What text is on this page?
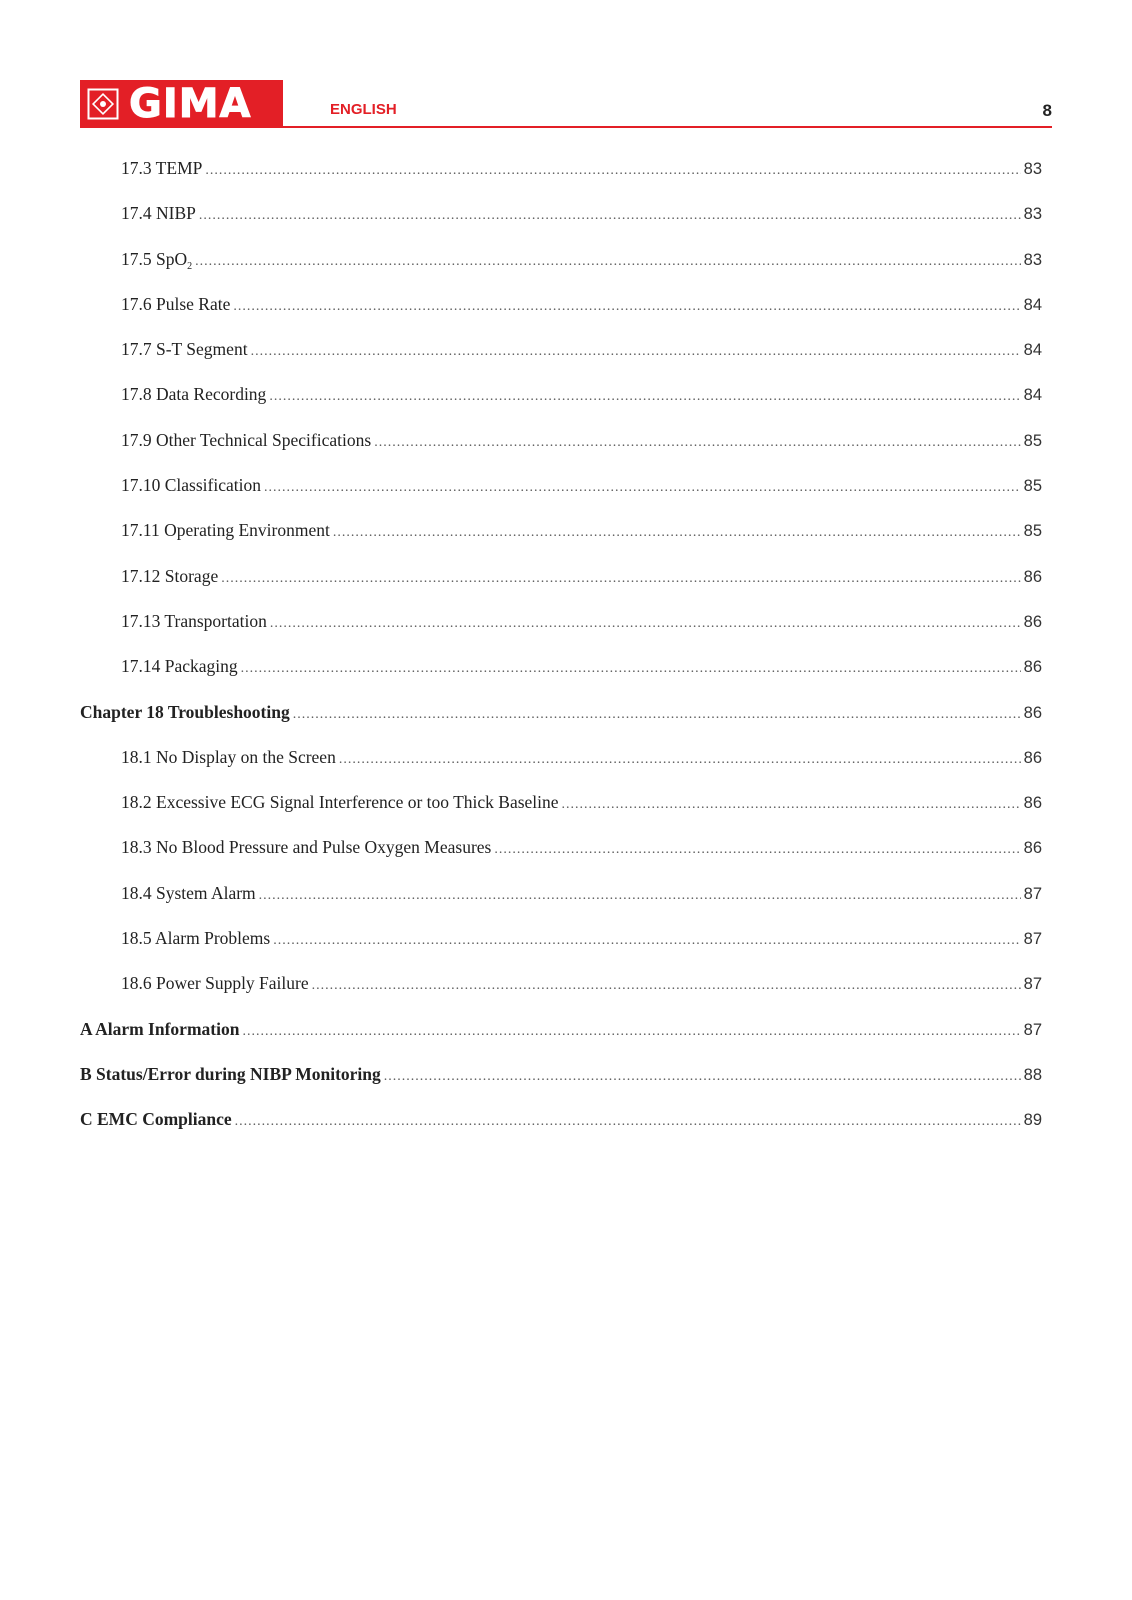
GIMA	ENGLISH	8
17.3 TEMP .....	83
17.4 NIBP .....	83
17.5 SpO$_2$ .....	83
17.6 Pulse Rate .....	84
17.7 S-T Segment .....	84
17.8 Data Recording .....	84
17.9 Other Technical Specifications .....	85
17.10 Classification .....	85
17.11 Operating Environment .....	85
17.12 Storage .....	86
17.13 Transportation .....	86
17.14 Packaging .....	86
Chapter 18 Troubleshooting .....	86
18.1 No Display on the Screen .....	86
18.2 Excessive ECG Signal Interference or too Thick Baseline .....	86
18.3 No Blood Pressure and Pulse Oxygen Measures .....	86
18.4 System Alarm .....	87
18.5 Alarm Problems .....	87
18.6 Power Supply Failure .....	87
A Alarm Information .....	87
B Status/Error during NIBP Monitoring .....	88
C EMC Compliance .....	89
